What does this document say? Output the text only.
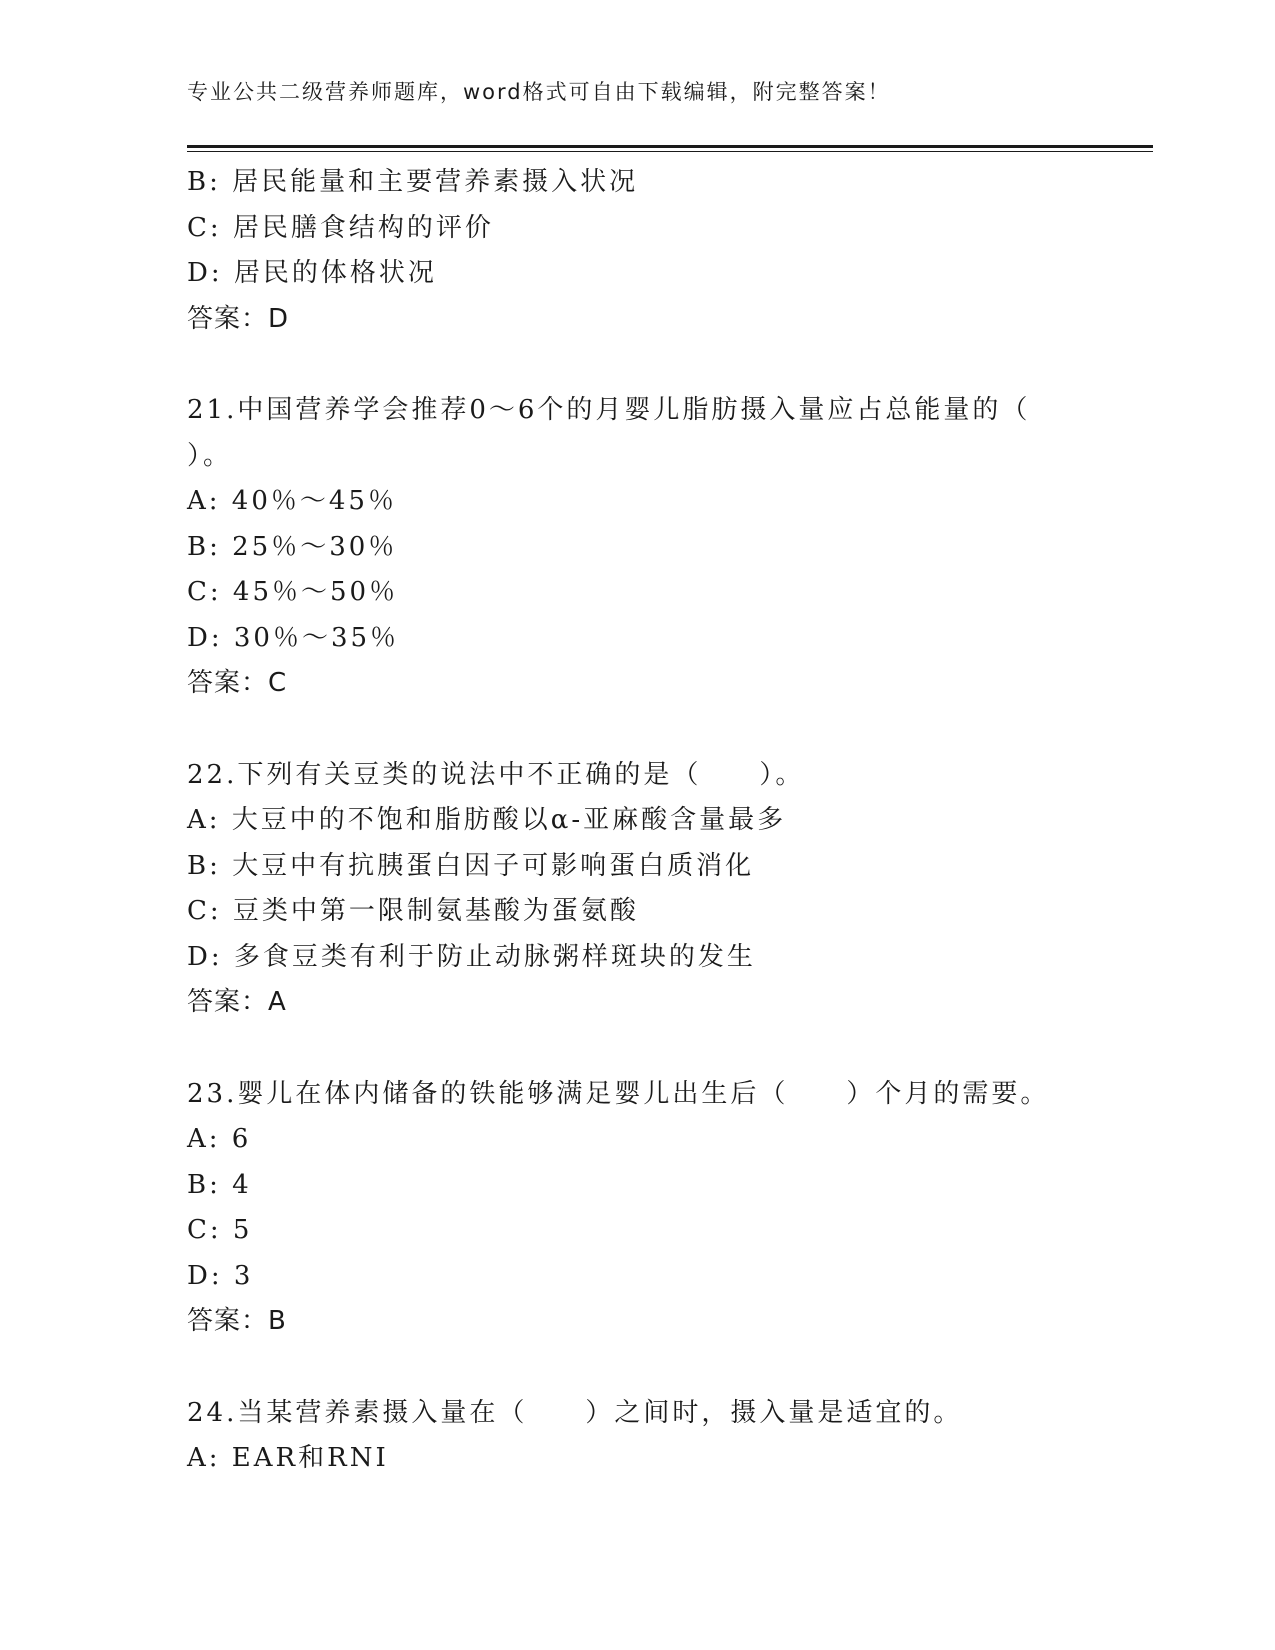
专业公共二级营养师题库，word格式可自由下载编辑，附完整答案！
B: 居民能量和主要营养素摄入状况
C: 居民膳食结构的评价
D: 居民的体格状况
答案：D
21.中国营养学会推荐0～6个的月婴儿脂肪摄入量应占总能量的（
）。
A: 40％～45％
B: 25％～30％
C: 45％～50％
D: 30％～35％
答案：C
22.下列有关豆类的说法中不正确的是（　　）。
A: 大豆中的不饱和脂肪酸以α-亚麻酸含量最多
B: 大豆中有抗胰蛋白因子可影响蛋白质消化
C: 豆类中第一限制氨基酸为蛋氨酸
D: 多食豆类有利于防止动脉粥样斑块的发生
答案：A
23.婴儿在体内储备的铁能够满足婴儿出生后（　　）个月的需要。
A: 6
B: 4
C: 5
D: 3
答案：B
24.当某营养素摄入量在（　　）之间时，摄入量是适宜的。
A: EAR和RNI
